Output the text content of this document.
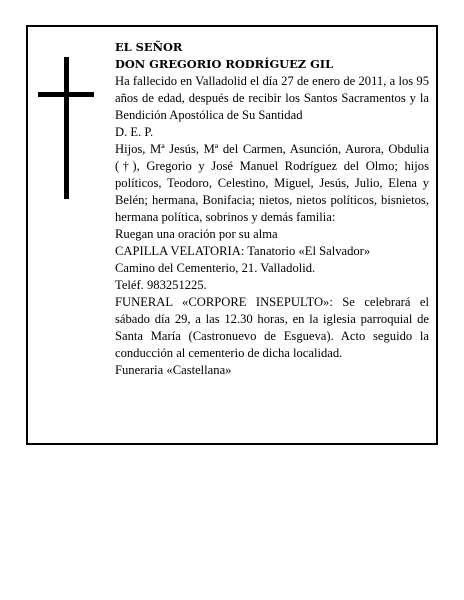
EL SEÑOR
DON GREGORIO RODRÍGUEZ GIL

Ha fallecido en Valladolid el día 27 de enero de 2011, a los 95 años de edad, después de recibir los Santos Sacramentos y la Bendición Apostólica de Su Santidad

D. E. P.

Hijos, Mª Jesús, Mª del Carmen, Asunción, Aurora, Obdulia (†), Gregorio y José Manuel Rodríguez del Olmo; hijos políticos, Teodoro, Celestino, Miguel, Jesús, Julio, Elena y Belén; hermana, Bonifacia; nietos, nietos políticos, bisnietos, hermana política, sobrinos y demás familia:

Ruegan una oración por su alma

CAPILLA VELATORIA: Tanatorio «El Salvador»

Camino del Cementerio, 21. Valladolid.

Teléf. 983251225.

FUNERAL «CORPORE INSEPULTO»: Se celebrará el sábado día 29, a las 12.30 horas, en la iglesia parroquial de Santa María (Castronuevo de Esgueva). Acto seguido la conducción al cementerio de dicha localidad.

Funeraria «Castellana»
